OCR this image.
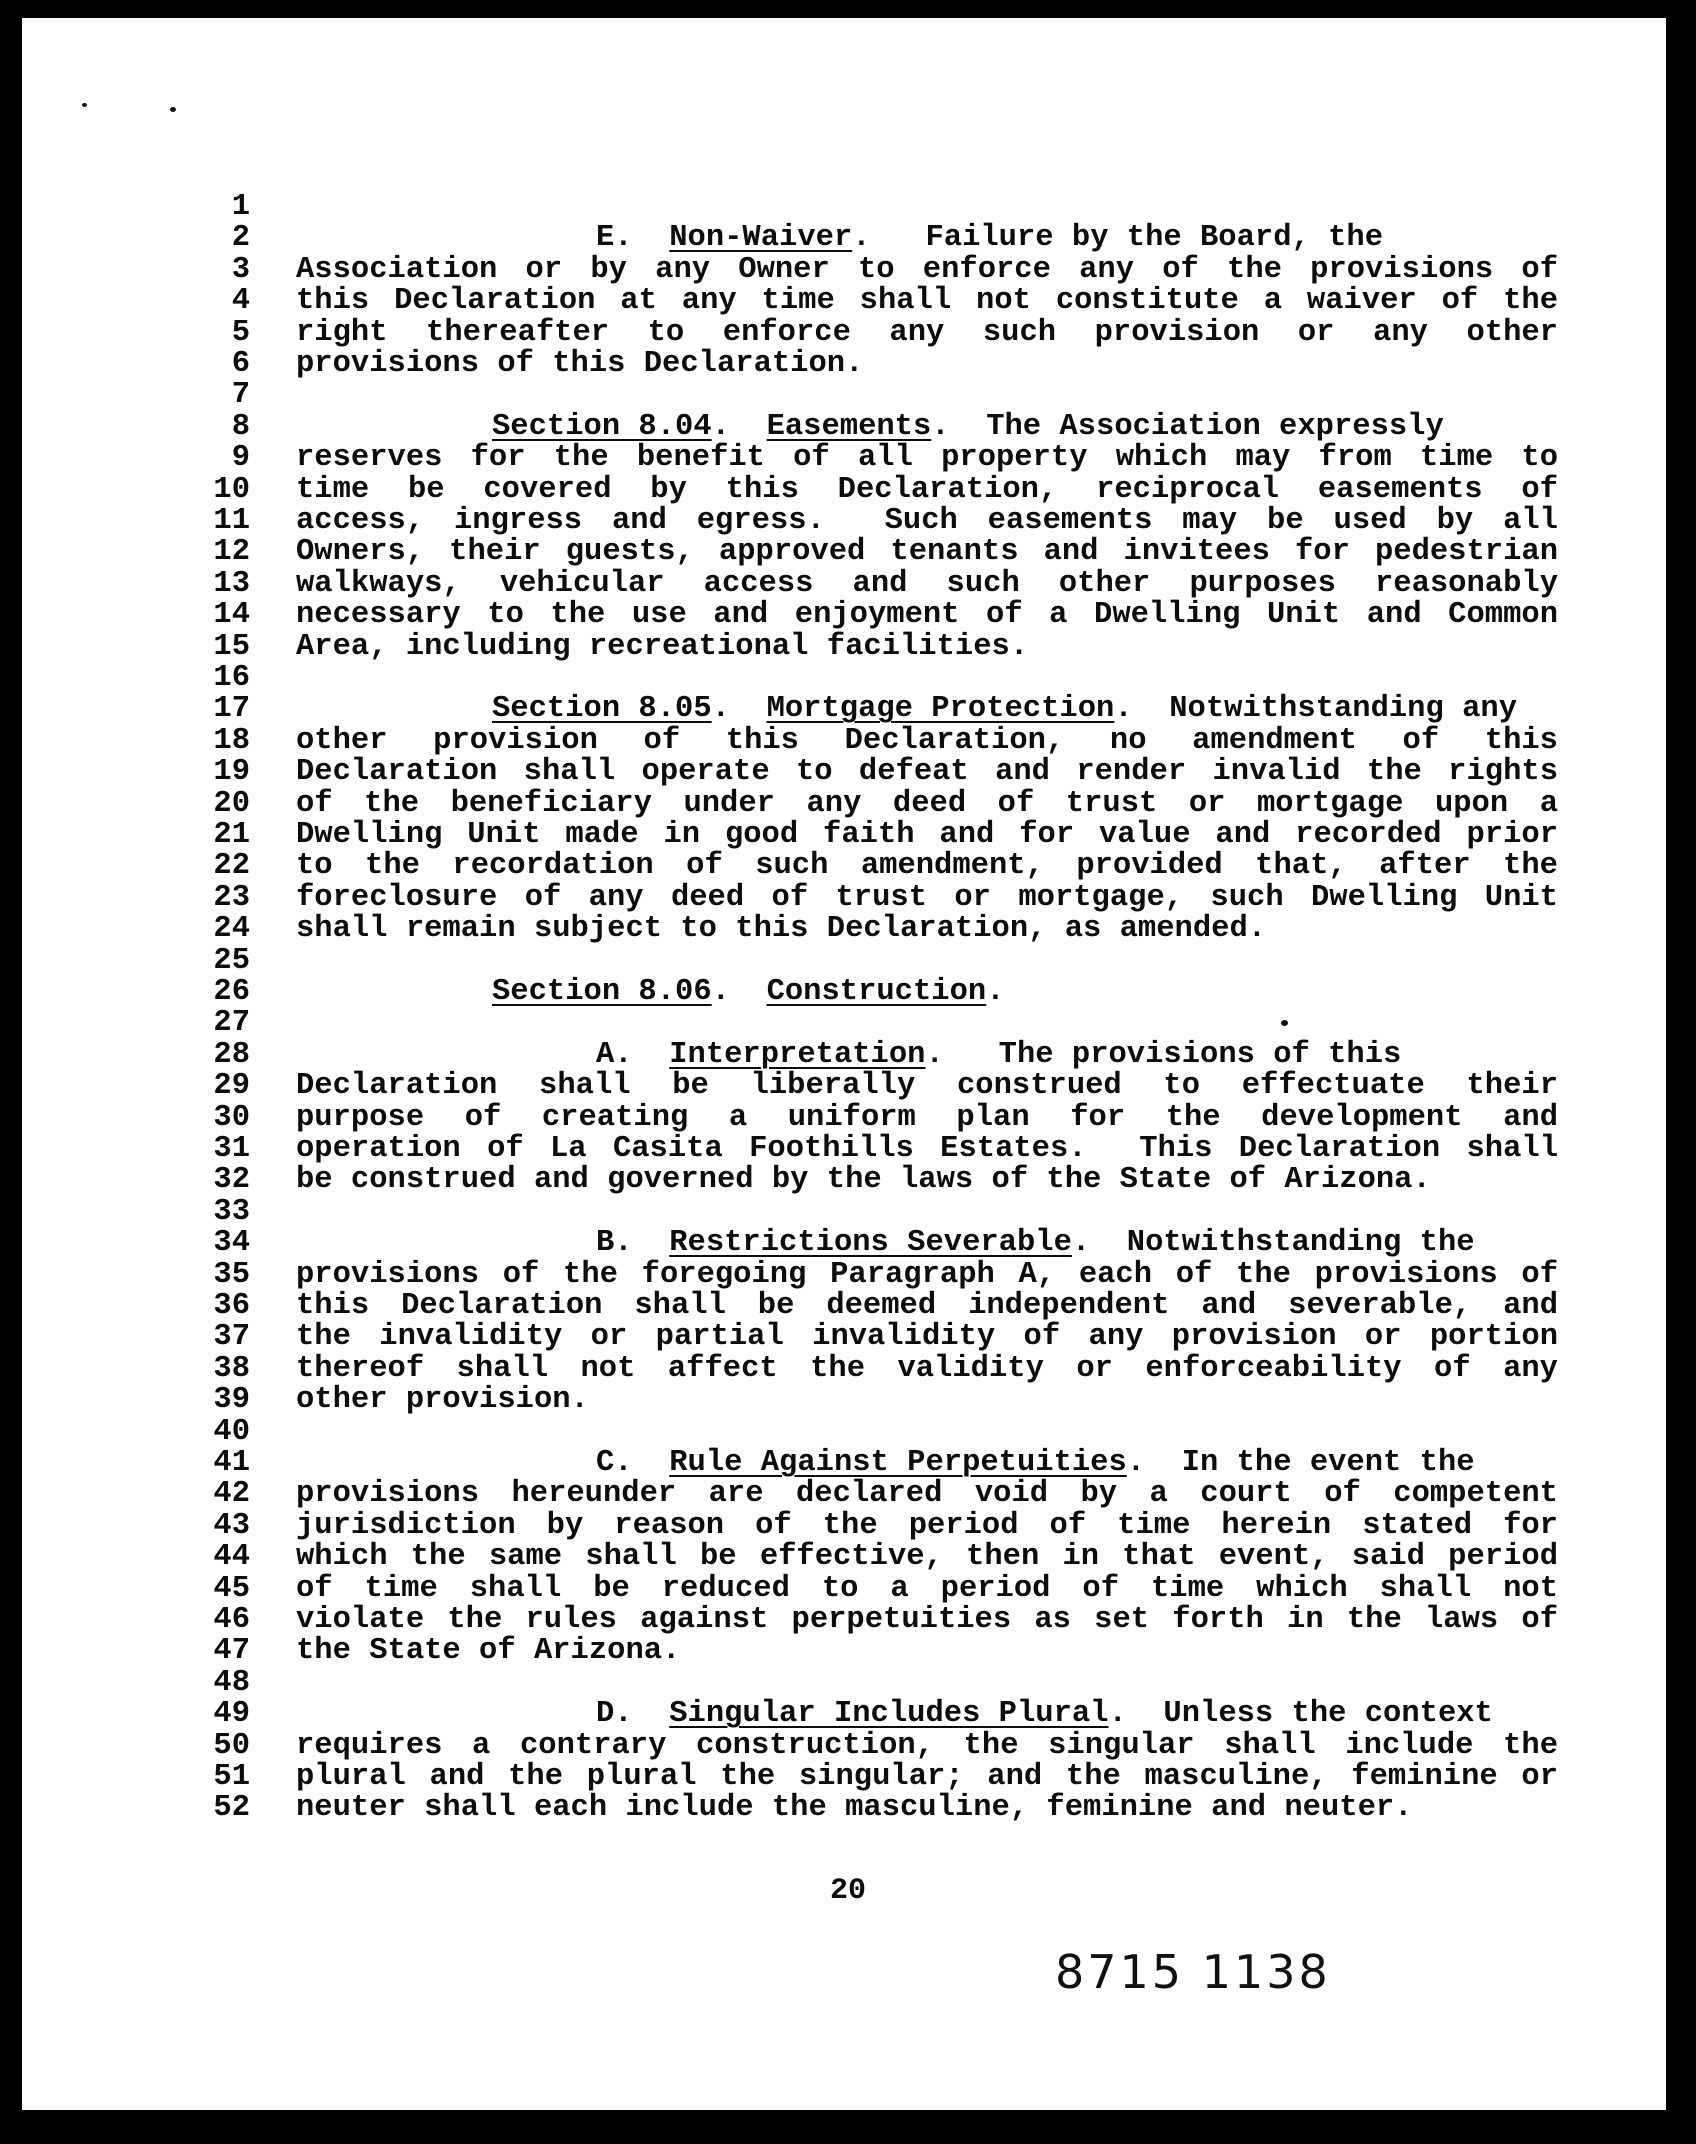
1
2	E.  Non-Waiver.   Failure by the Board, the
3 Association or by any Owner to enforce any of the provisions of
4 this Declaration at any time shall not constitute a waiver of the
5 right thereafter to enforce any such provision or any other
6 provisions of this Declaration.
7
8	Section 8.04.  Easements.  The Association expressly
9 reserves for the benefit of all property which may from time to
10 time be covered by this Declaration, reciprocal easements of
11 access, ingress and egress.  Such easements may be used by all
12 Owners, their guests, approved tenants and invitees for pedestrian
13 walkways, vehicular access and such other purposes reasonably
14 necessary to the use and enjoyment of a Dwelling Unit and Common
15 Area, including recreational facilities.
16
17	Section 8.05.  Mortgage Protection.  Notwithstanding any
18 other provision of this Declaration, no amendment of this
19 Declaration shall operate to defeat and render invalid the rights
20 of the beneficiary under any deed of trust or mortgage upon a
21 Dwelling Unit made in good faith and for value and recorded prior
22 to the recordation of such amendment, provided that, after the
23 foreclosure of any deed of trust or mortgage, such Dwelling Unit
24 shall remain subject to this Declaration, as amended.
25
26	Section 8.06.  Construction.
27
28	A.  Interpretation.   The provisions of this
29 Declaration shall be liberally construed to effectuate their
30 purpose of creating a uniform plan for the development and
31 operation of La Casita Foothills Estates.  This Declaration shall
32 be construed and governed by the laws of the State of Arizona.
33
34	B.  Restrictions Severable.  Notwithstanding the
35 provisions of the foregoing Paragraph A, each of the provisions of
36 this Declaration shall be deemed independent and severable, and
37 the invalidity or partial invalidity of any provision or portion
38 thereof shall not affect the validity or enforceability of any
39 other provision.
40
41	C.  Rule Against Perpetuities.  In the event the
42 provisions hereunder are declared void by a court of competent
43 jurisdiction by reason of the period of time herein stated for
44 which the same shall be effective, then in that event, said period
45 of time shall be reduced to a period of time which shall not
46 violate the rules against perpetuities as set forth in the laws of
47 the State of Arizona.
48
49	D.  Singular Includes Plural.  Unless the context
50 requires a contrary construction, the singular shall include the
51 plural and the plural the singular; and the masculine, feminine or
52 neuter shall each include the masculine, feminine and neuter.
20
8715 1138
